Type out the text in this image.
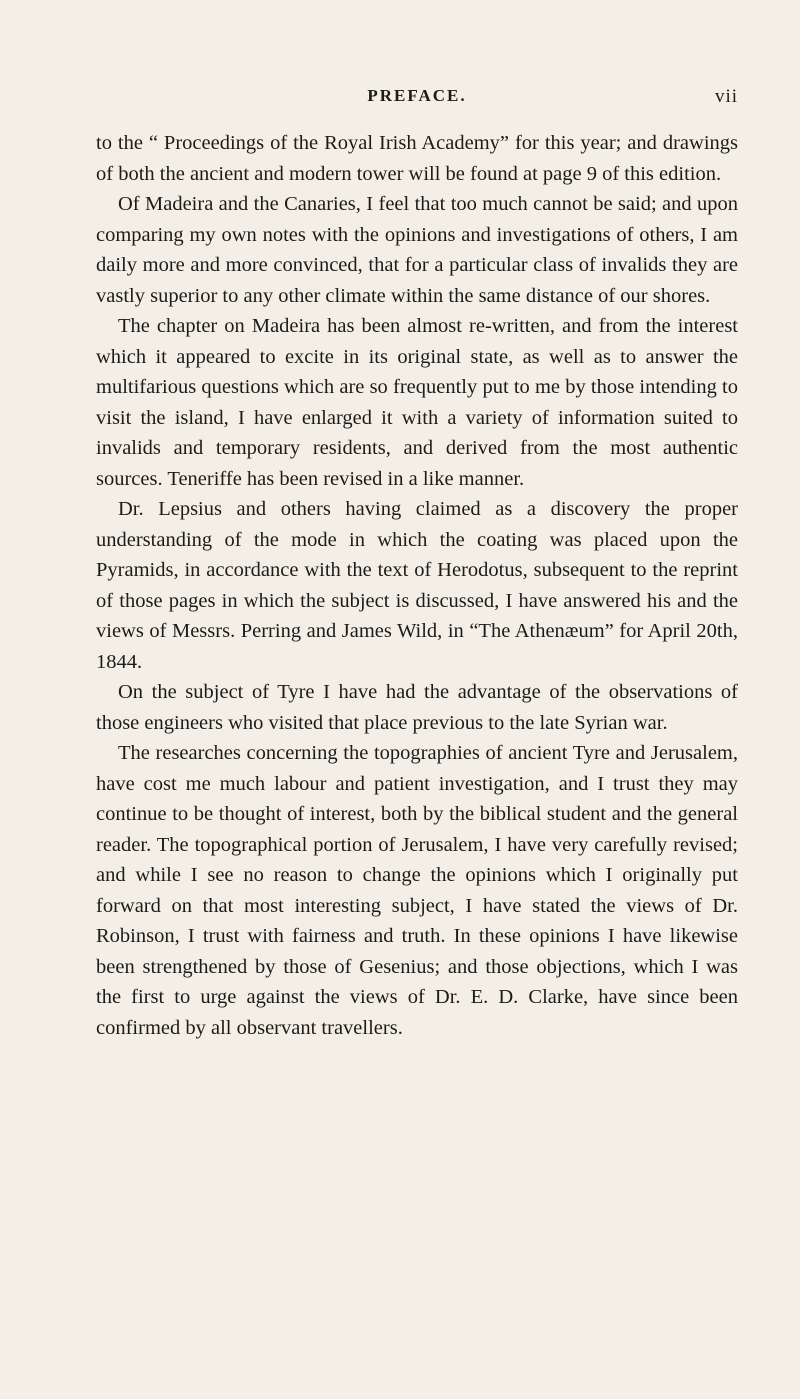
PREFACE.	vii

to the “ Proceedings of the Royal Irish Academy” for this year; and drawings of both the ancient and modern tower will be found at page 9 of this edition.

Of Madeira and the Canaries, I feel that too much cannot be said; and upon comparing my own notes with the opinions and investigations of others, I am daily more and more convinced, that for a particular class of invalids they are vastly superior to any other climate within the same distance of our shores.

The chapter on Madeira has been almost re-written, and from the interest which it appeared to excite in its original state, as well as to answer the multifarious questions which are so frequently put to me by those intending to visit the island, I have enlarged it with a variety of information suited to invalids and temporary residents, and derived from the most authentic sources. Teneriffe has been revised in a like manner.

Dr. Lepsius and others having claimed as a discovery the proper understanding of the mode in which the coating was placed upon the Pyramids, in accordance with the text of Herodotus, subsequent to the reprint of those pages in which the subject is discussed, I have answered his and the views of Messrs. Perring and James Wild, in “The Athenæum” for April 20th, 1844.

On the subject of Tyre I have had the advantage of the observations of those engineers who visited that place previous to the late Syrian war.

The researches concerning the topographies of ancient Tyre and Jerusalem, have cost me much labour and patient investigation, and I trust they may continue to be thought of interest, both by the biblical student and the general reader. The topographical portion of Jerusalem, I have very carefully revised; and while I see no reason to change the opinions which I originally put forward on that most interesting subject, I have stated the views of Dr. Robinson, I trust with fairness and truth. In these opinions I have likewise been strengthened by those of Gesenius; and those objections, which I was the first to urge against the views of Dr. E. D. Clarke, have since been confirmed by all observant travellers.
